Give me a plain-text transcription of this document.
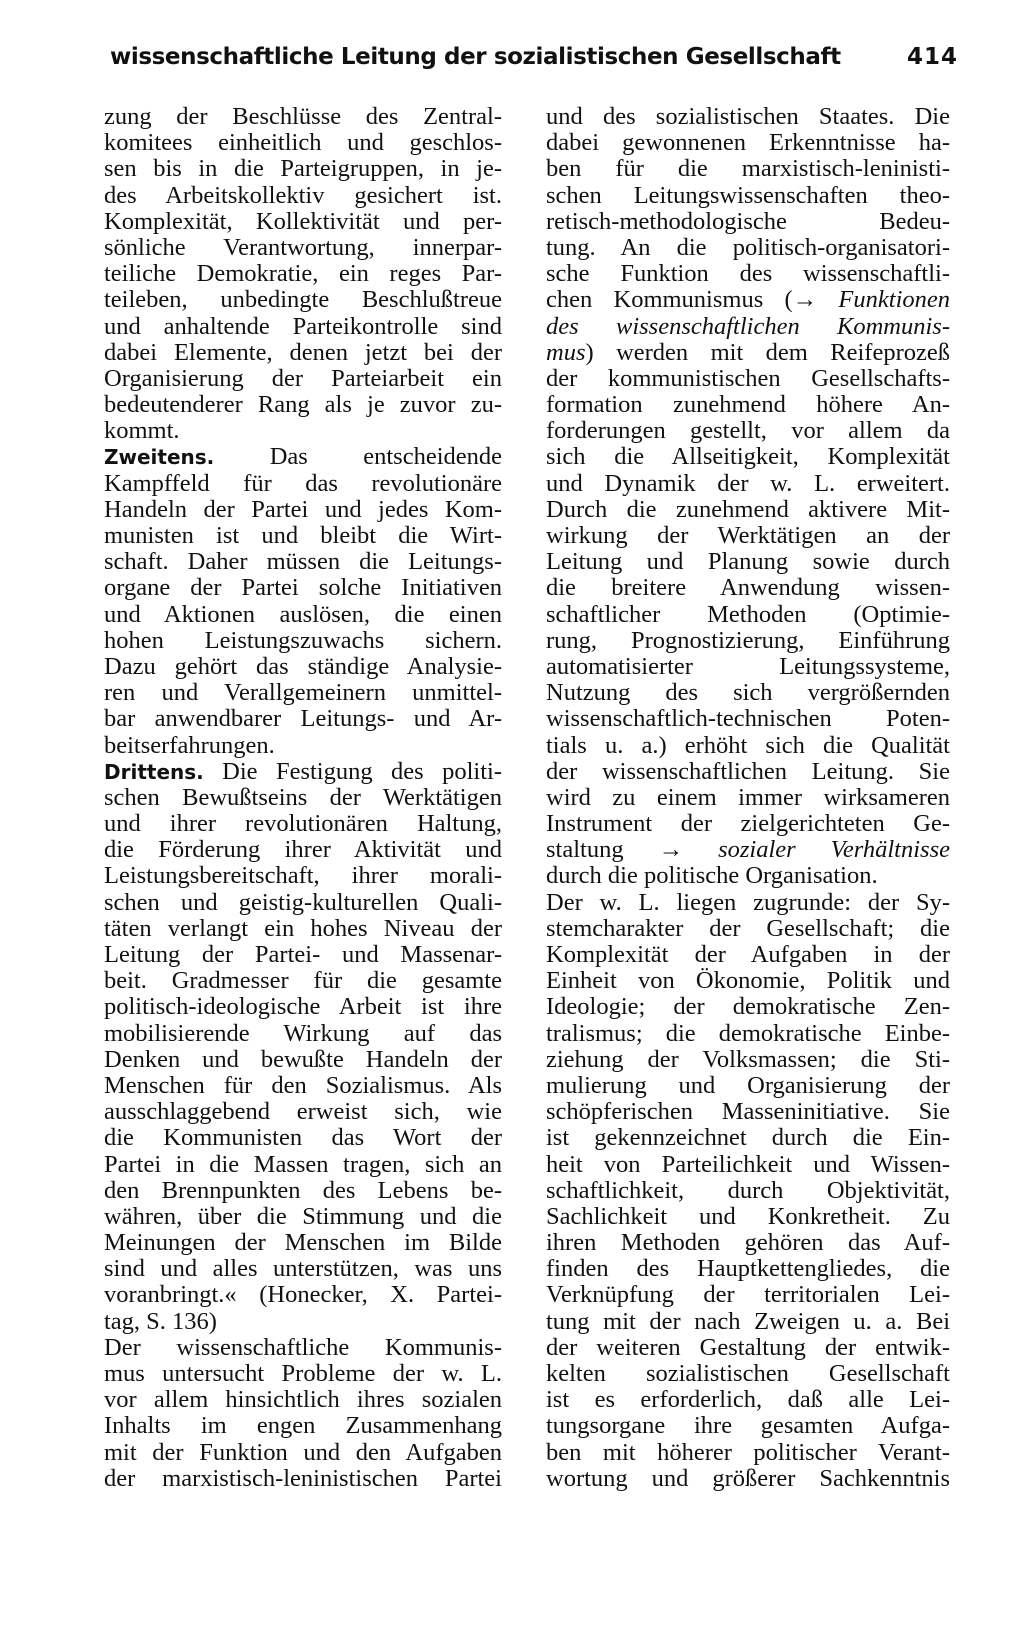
wissenschaftliche Leitung der sozialistischen Gesellschaft	414
zung der Beschlüsse des Zentral-
komitees einheitlich und geschlos-
sen bis in die Parteigruppen, in je-
des Arbeitskollektiv gesichert ist.
Komplexität, Kollektivität und per-
sönliche Verantwortung, innerpar-
teiliche Demokratie, ein reges Par-
teileben, unbedingte Beschlußtreue
und anhaltende Parteikontrolle sind
dabei Elemente, denen jetzt bei der
Organisierung der Parteiarbeit ein
bedeutenderer Rang als je zuvor zu-
kommt.
Zweitens. Das entscheidende
Kampffeld für das revolutionäre
Handeln der Partei und jedes Kom-
munisten ist und bleibt die Wirt-
schaft. Daher müssen die Leitungs-
organe der Partei solche Initiativen
und Aktionen auslösen, die einen
hohen Leistungszuwachs sichern.
Dazu gehört das ständige Analysie-
ren und Verallgemeinern unmittel-
bar anwendbarer Leitungs- und Ar-
beitserfahrungen.
Drittens. Die Festigung des politi-
schen Bewußtseins der Werktätigen
und ihrer revolutionären Haltung,
die Förderung ihrer Aktivität und
Leistungsbereitschaft, ihrer morali-
schen und geistig-kulturellen Quali-
täten verlangt ein hohes Niveau der
Leitung der Partei- und Massenar-
beit. Gradmesser für die gesamte
politisch-ideologische Arbeit ist ihre
mobilisierende Wirkung auf das
Denken und bewußte Handeln der
Menschen für den Sozialismus. Als
ausschlaggebend erweist sich, wie
die Kommunisten das Wort der
Partei in die Massen tragen, sich an
den Brennpunkten des Lebens be-
währen, über die Stimmung und die
Meinungen der Menschen im Bilde
sind und alles unterstützen, was uns
voranbringt.« (Honecker, X. Partei-
tag, S. 136)
Der wissenschaftliche Kommunis-
mus untersucht Probleme der w. L.
vor allem hinsichtlich ihres sozialen
Inhalts im engen Zusammenhang
mit der Funktion und den Aufgaben
der marxistisch-leninistischen Partei
und des sozialistischen Staates. Die
dabei gewonnenen Erkenntnisse ha-
ben für die marxistisch-leninisti-
schen Leitungswissenschaften theo-
retisch-methodologische Bedeu-
tung. An die politisch-organisatori-
sche Funktion des wissenschaftli-
chen Kommunismus (→ Funktionen
des wissenschaftlichen Kommunis-
mus) werden mit dem Reifeprozeß
der kommunistischen Gesellschafts-
formation zunehmend höhere An-
forderungen gestellt, vor allem da
sich die Allseitigkeit, Komplexität
und Dynamik der w. L. erweitert.
Durch die zunehmend aktivere Mit-
wirkung der Werktätigen an der
Leitung und Planung sowie durch
die breitere Anwendung wissen-
schaftlicher Methoden (Optimie-
rung, Prognostizierung, Einführung
automatisierter Leitungssysteme,
Nutzung des sich vergrößernden
wissenschaftlich-technischen Poten-
tials u. a.) erhöht sich die Qualität
der wissenschaftlichen Leitung. Sie
wird zu einem immer wirksameren
Instrument der zielgerichteten Ge-
staltung → sozialer Verhältnisse
durch die politische Organisation.
Der w. L. liegen zugrunde: der Sy-
stemcharakter der Gesellschaft; die
Komplexität der Aufgaben in der
Einheit von Ökonomie, Politik und
Ideologie; der demokratische Zen-
tralismus; die demokratische Einbe-
ziehung der Volksmassen; die Sti-
mulierung und Organisierung der
schöpferischen Masseninitiative. Sie
ist gekennzeichnet durch die Ein-
heit von Parteilichkeit und Wissen-
schaftlichkeit, durch Objektivität,
Sachlichkeit und Konkretheit. Zu
ihren Methoden gehören das Auf-
finden des Hauptkettengliedes, die
Verknüpfung der territorialen Lei-
tung mit der nach Zweigen u. a. Bei
der weiteren Gestaltung der entwik-
kelten sozialistischen Gesellschaft
ist es erforderlich, daß alle Lei-
tungsorgane ihre gesamten Aufga-
ben mit höherer politischer Verant-
wortung und größerer Sachkenntnis
